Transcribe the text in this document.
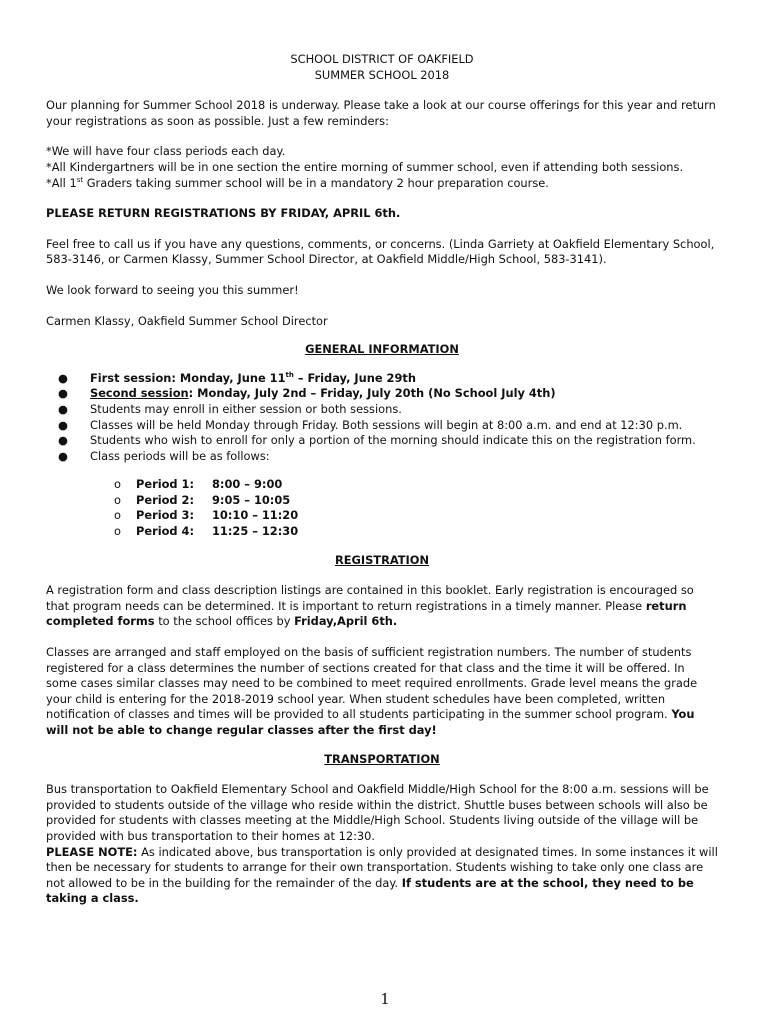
SCHOOL DISTRICT OF OAKFIELD

SUMMER SCHOOL 2018

Our planning for Summer School 2018 is underway. Please take a look at our course offerings for this year and return your registrations as soon as possible. Just a few reminders:

*We will have four class periods each day.

*All Kindergartners will be in one section the entire morning of summer school, even if attending both sessions.

*All 1st Graders taking summer school will be in a mandatory 2 hour preparation course.

PLEASE RETURN REGISTRATIONS BY FRIDAY, APRIL 6th.

Feel free to call us if you have any questions, comments, or concerns. (Linda Garriety at Oakfield Elementary School, 583-3146, or Carmen Klassy, Summer School Director, at Oakfield Middle/High School, 583-3141).

We look forward to seeing you this summer!

Carmen Klassy, Oakfield Summer School Director

GENERAL INFORMATION

● First session: Monday, June 11th – Friday, June 29th
● Second session: Monday, July 2nd – Friday, July 20th (No School July 4th)
● Students may enroll in either session or both sessions.
● Classes will be held Monday through Friday. Both sessions will begin at 8:00 a.m. and end at 12:30 p.m.
● Students who wish to enroll for only a portion of the morning should indicate this on the registration form.
● Class periods will be as follows:
o Period 1: 8:00 – 9:00
o Period 2: 9:05 – 10:05
o Period 3: 10:10 – 11:20
o Period 4: 11:25 – 12:30

REGISTRATION

A registration form and class description listings are contained in this booklet. Early registration is encouraged so that program needs can be determined. It is important to return registrations in a timely manner. Please return completed forms to the school offices by Friday,April 6th.

Classes are arranged and staff employed on the basis of sufficient registration numbers. The number of students registered for a class determines the number of sections created for that class and the time it will be offered. In some cases similar classes may need to be combined to meet required enrollments. Grade level means the grade your child is entering for the 2018-2019 school year. When student schedules have been completed, written notification of classes and times will be provided to all students participating in the summer school program. You will not be able to change regular classes after the first day!

TRANSPORTATION

Bus transportation to Oakfield Elementary School and Oakfield Middle/High School for the 8:00 a.m. sessions will be provided to students outside of the village who reside within the district. Shuttle buses between schools will also be provided for students with classes meeting at the Middle/High School. Students living outside of the village will be provided with bus transportation to their homes at 12:30.

PLEASE NOTE: As indicated above, bus transportation is only provided at designated times. In some instances it will then be necessary for students to arrange for their own transportation. Students wishing to take only one class are not allowed to be in the building for the remainder of the day. If students are at the school, they need to be taking a class.

1
